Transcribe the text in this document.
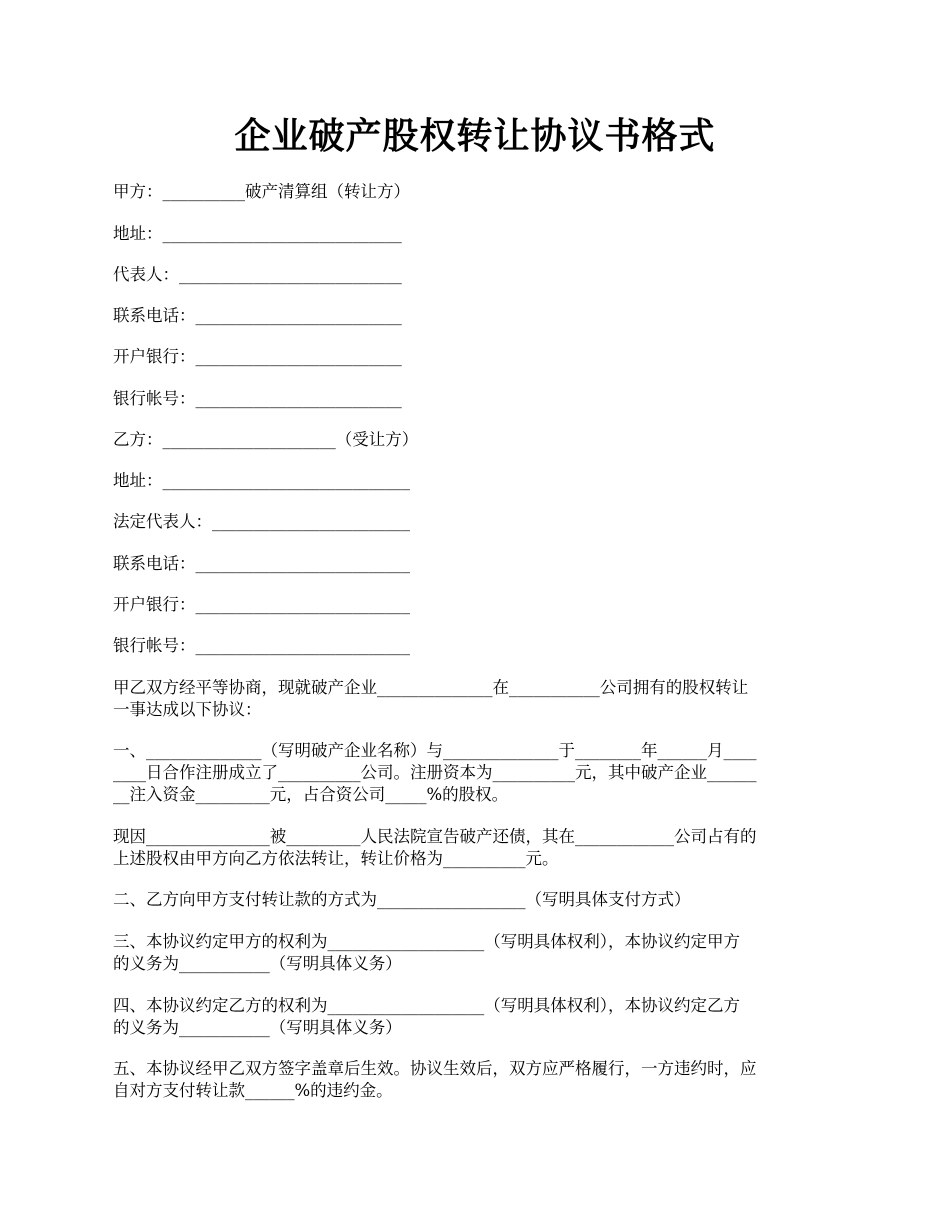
企业破产股权转让协议书格式
甲方：__________破产清算组（转让方）
地址：_____________________________
代表人：___________________________
联系电话：_________________________
开户银行：_________________________
银行帐号：_________________________
乙方：_____________________（受让方）
地址：______________________________
法定代表人：________________________
联系电话：__________________________
开户银行：__________________________
银行帐号：__________________________

甲乙双方经平等协商，现就破产企业______________在___________公司拥有的股权转让
一事达成以下协议：

一、______________（写明破产企业名称）与______________于________年______月____
____日合作注册成立了__________公司。注册资本为__________元，其中破产企业______
__注入资金_________元，占合资公司_____%的股权。

现因_______________被_________人民法院宣告破产还债，其在____________公司占有的
上述股权由甲方向乙方依法转让，转让价格为__________元。

二、乙方向甲方支付转让款的方式为__________________（写明具体支付方式）

三、本协议约定甲方的权利为___________________（写明具体权利），本协议约定甲方
的义务为___________（写明具体义务）

四、本协议约定乙方的权利为___________________（写明具体权利），本协议约定乙方
的义务为___________（写明具体义务）

五、本协议经甲乙双方签字盖章后生效。协议生效后，双方应严格履行，一方违约时，应
自对方支付转让款______%的违约金。
